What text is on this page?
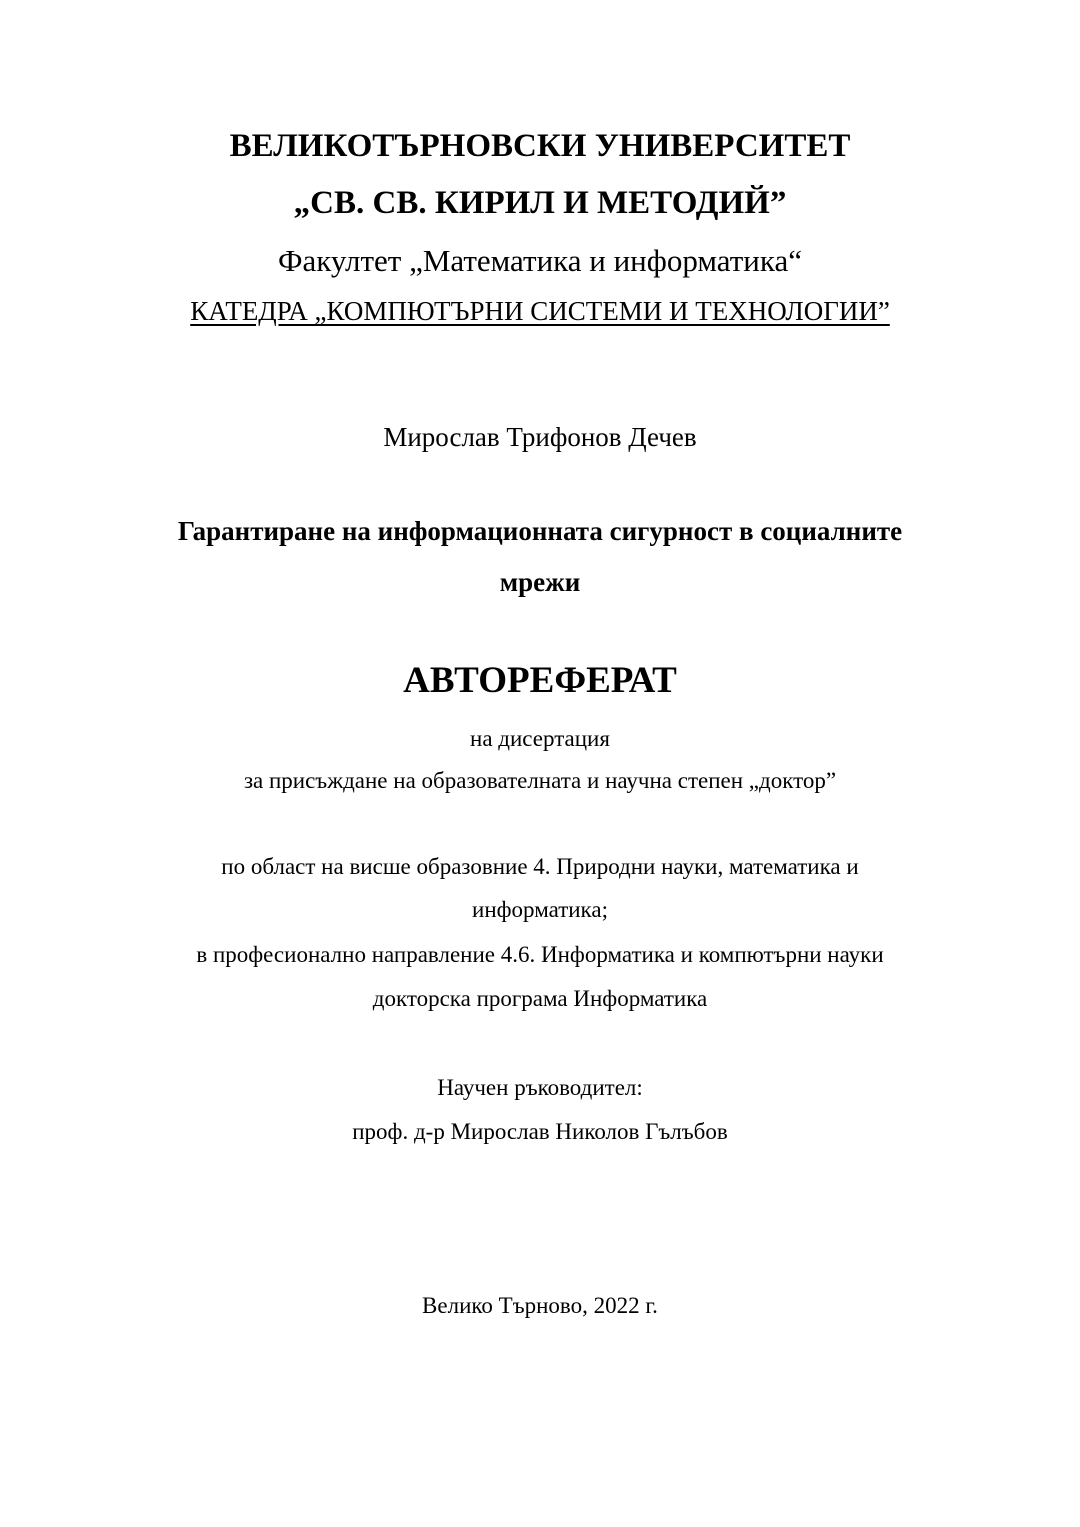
ВЕЛИКОТЪРНОВСКИ УНИВЕРСИТЕТ
„СВ. СВ. КИРИЛ И МЕТОДИЙ”
Факултет „Математика и информатика“
КАТЕДРА „КОМПЮТЪРНИ СИСТЕМИ И ТЕХНОЛОГИИ”
Мирослав Трифонов Дечев
Гарантиране на информационната сигурност в социалните
мрежи
АВТОРЕФЕРАТ
на дисертация
за присъждане на образователната и научна степен „доктор”
по област на висше образовние 4. Природни науки, математика и
информатика;
в професионално направление 4.6. Информатика и компютърни науки
докторска програма Информатика
Научен ръководител:
проф. д-р Мирослав Николов Гълъбов
Велико Търново, 2022 г.
